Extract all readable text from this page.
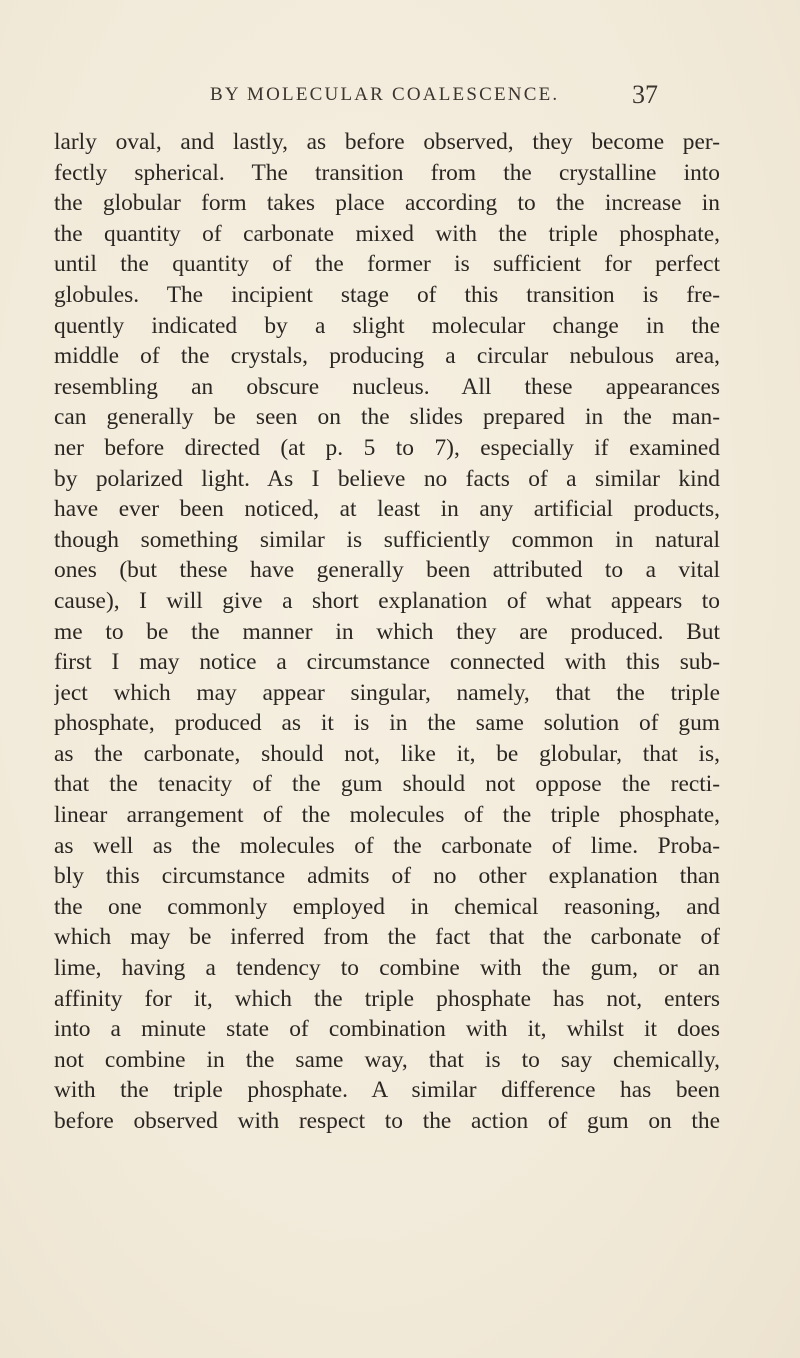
BY MOLECULAR COALESCENCE.	37
larly oval, and lastly, as before observed, they become per-
fectly spherical. The transition from the crystalline into
the globular form takes place according to the increase in
the quantity of carbonate mixed with the triple phosphate,
until the quantity of the former is sufficient for perfect
globules. The incipient stage of this transition is fre-
quently indicated by a slight molecular change in the
middle of the crystals, producing a circular nebulous area,
resembling an obscure nucleus. All these appearances
can generally be seen on the slides prepared in the man-
ner before directed (at p. 5 to 7), especially if examined
by polarized light. As I believe no facts of a similar kind
have ever been noticed, at least in any artificial products,
though something similar is sufficiently common in natural
ones (but these have generally been attributed to a vital
cause), I will give a short explanation of what appears to
me to be the manner in which they are produced. But
first I may notice a circumstance connected with this sub-
ject which may appear singular, namely, that the triple
phosphate, produced as it is in the same solution of gum
as the carbonate, should not, like it, be globular, that is,
that the tenacity of the gum should not oppose the recti-
linear arrangement of the molecules of the triple phosphate,
as well as the molecules of the carbonate of lime. Proba-
bly this circumstance admits of no other explanation than
the one commonly employed in chemical reasoning, and
which may be inferred from the fact that the carbonate of
lime, having a tendency to combine with the gum, or an
affinity for it, which the triple phosphate has not, enters
into a minute state of combination with it, whilst it does
not combine in the same way, that is to say chemically,
with the triple phosphate. A similar difference has been
before observed with respect to the action of gum on the
